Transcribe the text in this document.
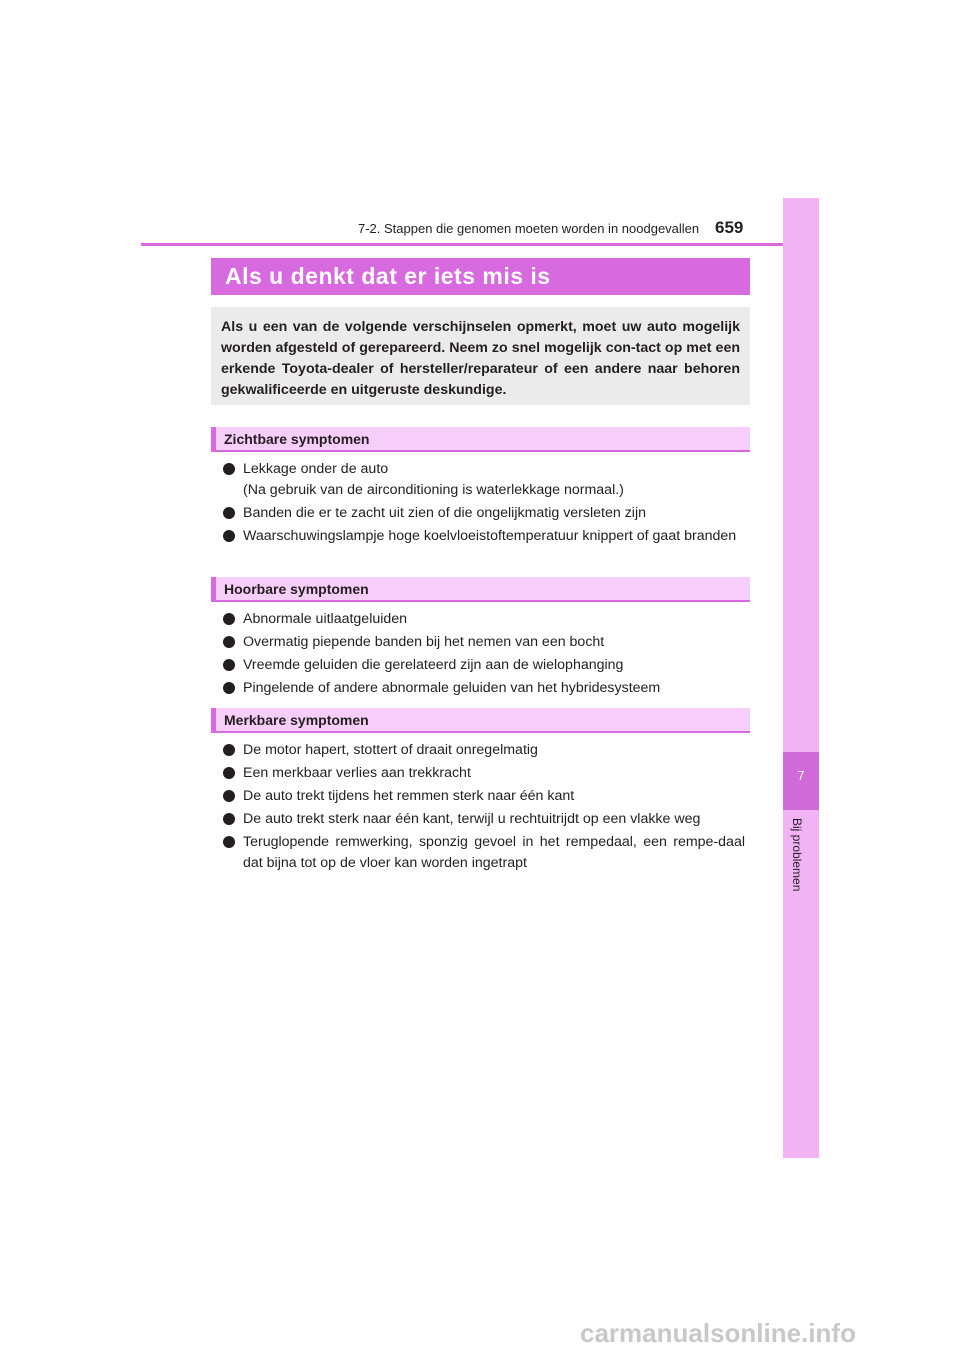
7-2. Stappen die genomen moeten worden in noodgevallen 659
7
Bij problemen
Als u denkt dat er iets mis is
Als u een van de volgende verschijnselen opmerkt, moet uw auto mogelijk worden afgesteld of gerepareerd. Neem zo snel mogelijk con-tact op met een erkende Toyota-dealer of hersteller/reparateur of een andere naar behoren gekwalificeerde en uitgeruste deskundige.
Zichtbare symptomen
Lekkage onder de auto
(Na gebruik van de airconditioning is waterlekkage normaal.)
Banden die er te zacht uit zien of die ongelijkmatig versleten zijn
Waarschuwingslampje hoge koelvloeistoftemperatuur knippert of gaat branden
Hoorbare symptomen
Abnormale uitlaatgeluiden
Overmatig piepende banden bij het nemen van een bocht
Vreemde geluiden die gerelateerd zijn aan de wielophanging
Pingelende of andere abnormale geluiden van het hybridesysteem
Merkbare symptomen
De motor hapert, stottert of draait onregelmatig
Een merkbaar verlies aan trekkracht
De auto trekt tijdens het remmen sterk naar één kant
De auto trekt sterk naar één kant, terwijl u rechtuitrijdt op een vlakke weg
Teruglopende remwerking, sponzig gevoel in het rempedaal, een rempe-daal dat bijna tot op de vloer kan worden ingetrapt
carmanualsonline.info
